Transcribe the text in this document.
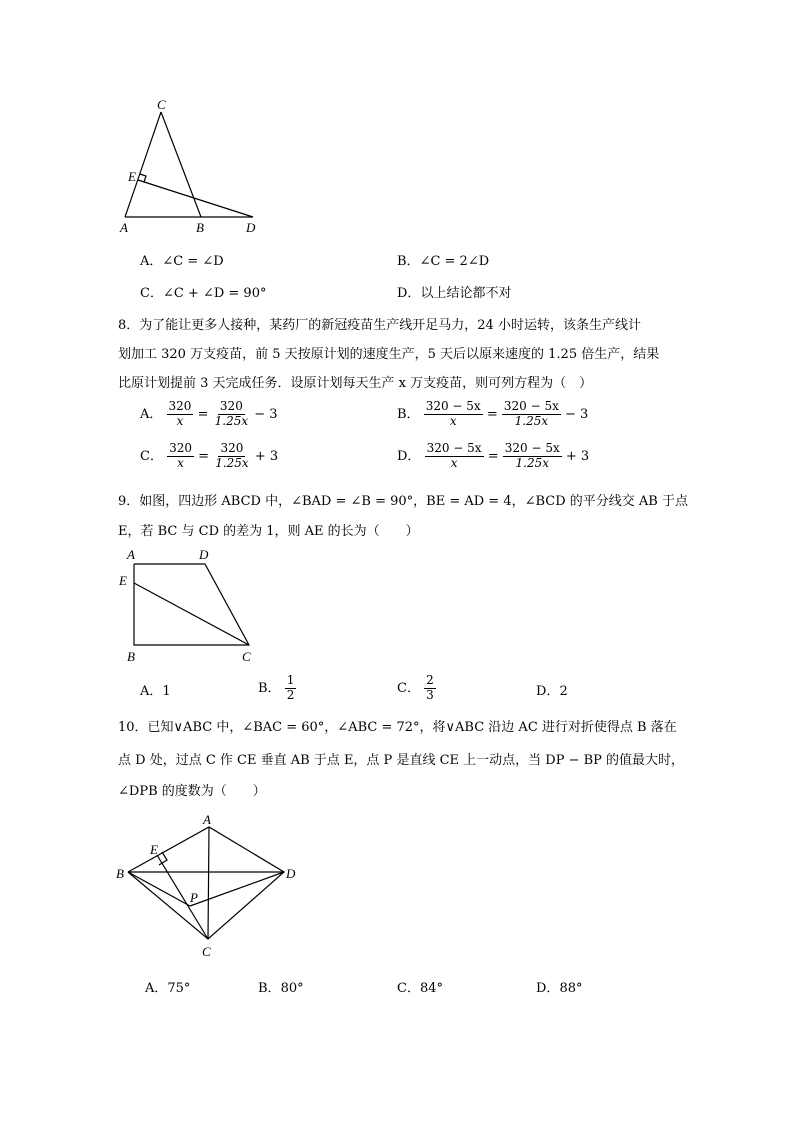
C
E
A	B	D
A．∠C = ∠D	B．∠C = 2∠D
C．∠C + ∠D = 90°	D．以上结论都不对
8．为了能让更多人接种，某药厂的新冠疫苗生产线开足马力，24 小时运转，该条生产线计
划加工 320 万支疫苗，前 5 天按原计划的速度生产，5 天后以原来速度的 1.25 倍生产，结果
比原计划提前 3 天完成任务．设原计划每天生产 x 万支疫苗，则可列方程为（　）
A． $\frac{320}{x} = \frac{320}{1.25x} - 3$	B． $\frac{320 - 5x}{x} = \frac{320 - 5x}{1.25x} - 3$
C． $\frac{320}{x} = \frac{320}{1.25x} + 3$	D． $\frac{320 - 5x}{x} = \frac{320 - 5x}{1.25x} + 3$
9．如图，四边形 ABCD 中，∠BAD = ∠B = 90°，BE = AD = 4，∠BCD 的平分线交 AB 于点
E，若 BC 与 CD 的差为 1，则 AE 的长为（　　）
A	D
E
B	C
A．1	B． $\frac{1}{2}$	C． $\frac{2}{3}$	D．2
10．已知∨ABC 中，∠BAC = 60°，∠ABC = 72°，将∨ABC 沿边 AC 进行对折使得点 B 落在
点 D 处，过点 C 作 CE 垂直 AB 于点 E，点 P 是直线 CE 上一动点，当 DP − BP 的值最大时，
∠DPB 的度数为（　　）
A
E
B	D
P
C
A．75°	B．80°	C．84°	D．88°
